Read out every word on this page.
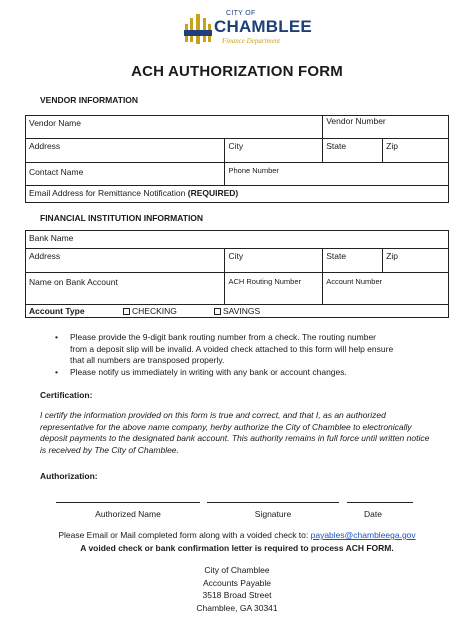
CITY OF
CHAMBLEE
Finance Department
ACH AUTHORIZATION FORM
VENDOR INFORMATION
Vendor Name		Vendor Number	
Address	City	State	Zip
Contact Name	Phone Number		
Email Address for Remittance Notification (REQUIRED)			
FINANCIAL INSTITUTION INFORMATION
Bank Name			
Address	City	State	Zip
Name on Bank Account	ACH Routing Number	Account Number	
Account Type	CHECKING	SAVINGS
• Please provide the 9-digit bank routing number from a check. The routing number from a deposit slip will be invalid. A voided check attached to this form will help ensure that all numbers are transposed properly.
• Please notify us immediately in writing with any bank or account changes.
Certification:
I certify the information provided on this form is true and correct, and that I, as an authorized representative for the above name company, herby authorize the City of Chamblee to electronically deposit payments to the designated bank account. This authority remains in full force until written notice is received by The City of Chamblee.
Authorization:
Authorized Name	Signature	Date
Please Email or Mail completed form along with a voided check to: payables@chambleega.gov
A voided check or bank confirmation letter is required to process ACH FORM.
City of Chamblee
Accounts Payable
3518 Broad Street
Chamblee, GA 30341
